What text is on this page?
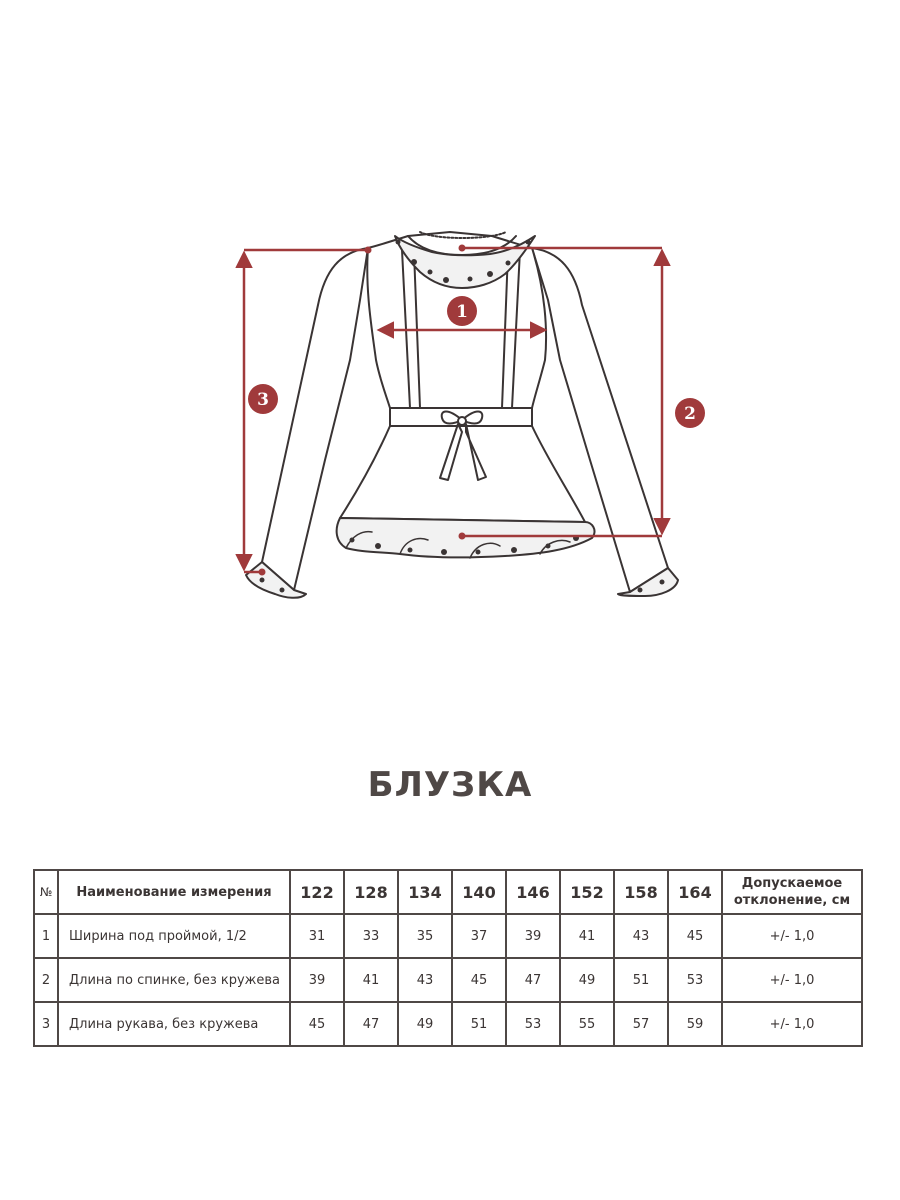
1
2
3
БЛУЗКА
№	Наименование измерения	122	128	134	140	146	152	158	164	Допускаемое
отклонение, см

1	Ширина под проймой, 1/2	31	33	35	37	39	41	43	45	+/- 1,0
2	Длина по спинке, без кружева	39	41	43	45	47	49	51	53	+/- 1,0
3	Длина рукава, без кружева	45	47	49	51	53	55	57	59	+/- 1,0
